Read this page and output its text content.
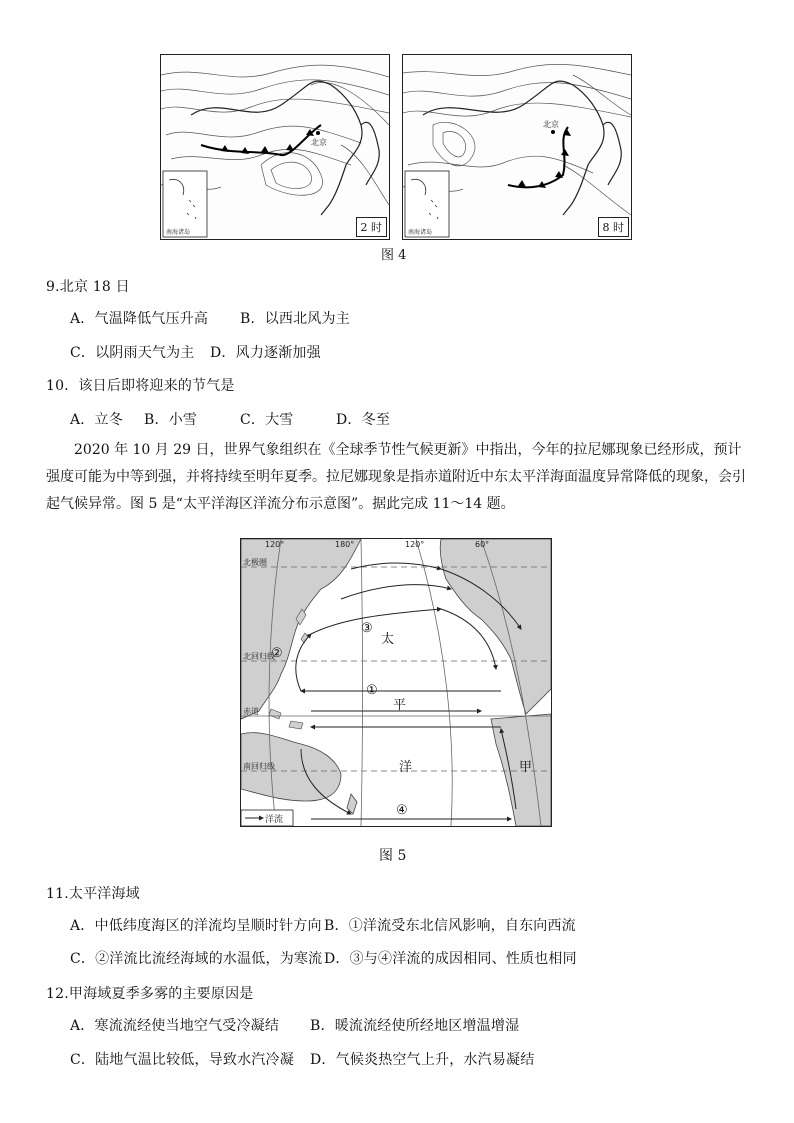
北京
南海诸岛	2 时
北京
南海诸岛	8 时
图 4
9.北京 18 日
A．气温降低气压升高 B．以西北风为主
C．以阴雨天气为主 D．风力逐渐加强
10．该日后即将迎来的节气是
A．立冬 B．小雪	C．大雪	D．冬至
2020 年 10 月 29 日，世界气象组织在《全球季节性气候更新》中指出，今年的拉尼娜现象已经形成，预计强度可能为中等到强，并将持续至明年夏季。拉尼娜现象是指赤道附近中东太平洋海面温度异常降低的现象，会引起气候异常。图 5 是“太平洋海区洋流分布示意图”。据此完成 11～14 题。
太
平
洋
①
②
③
④
甲
120°	180°	120°	60°
北极圈
北回归线
赤道
南回归线
洋流
图 5
11.太平洋海域
A．中低纬度海区的洋流均呈顺时针方向 B．①洋流受东北信风影响，自东向西流
C．②洋流比流经海域的水温低，为寒流 D．③与④洋流的成因相同、性质也相同
12.甲海域夏季多雾的主要原因是
A．寒流流经使当地空气受冷凝结 B．暖流流经使所经地区增温增湿
C．陆地气温比较低，导致水汽冷凝 D．气候炎热空气上升，水汽易凝结
